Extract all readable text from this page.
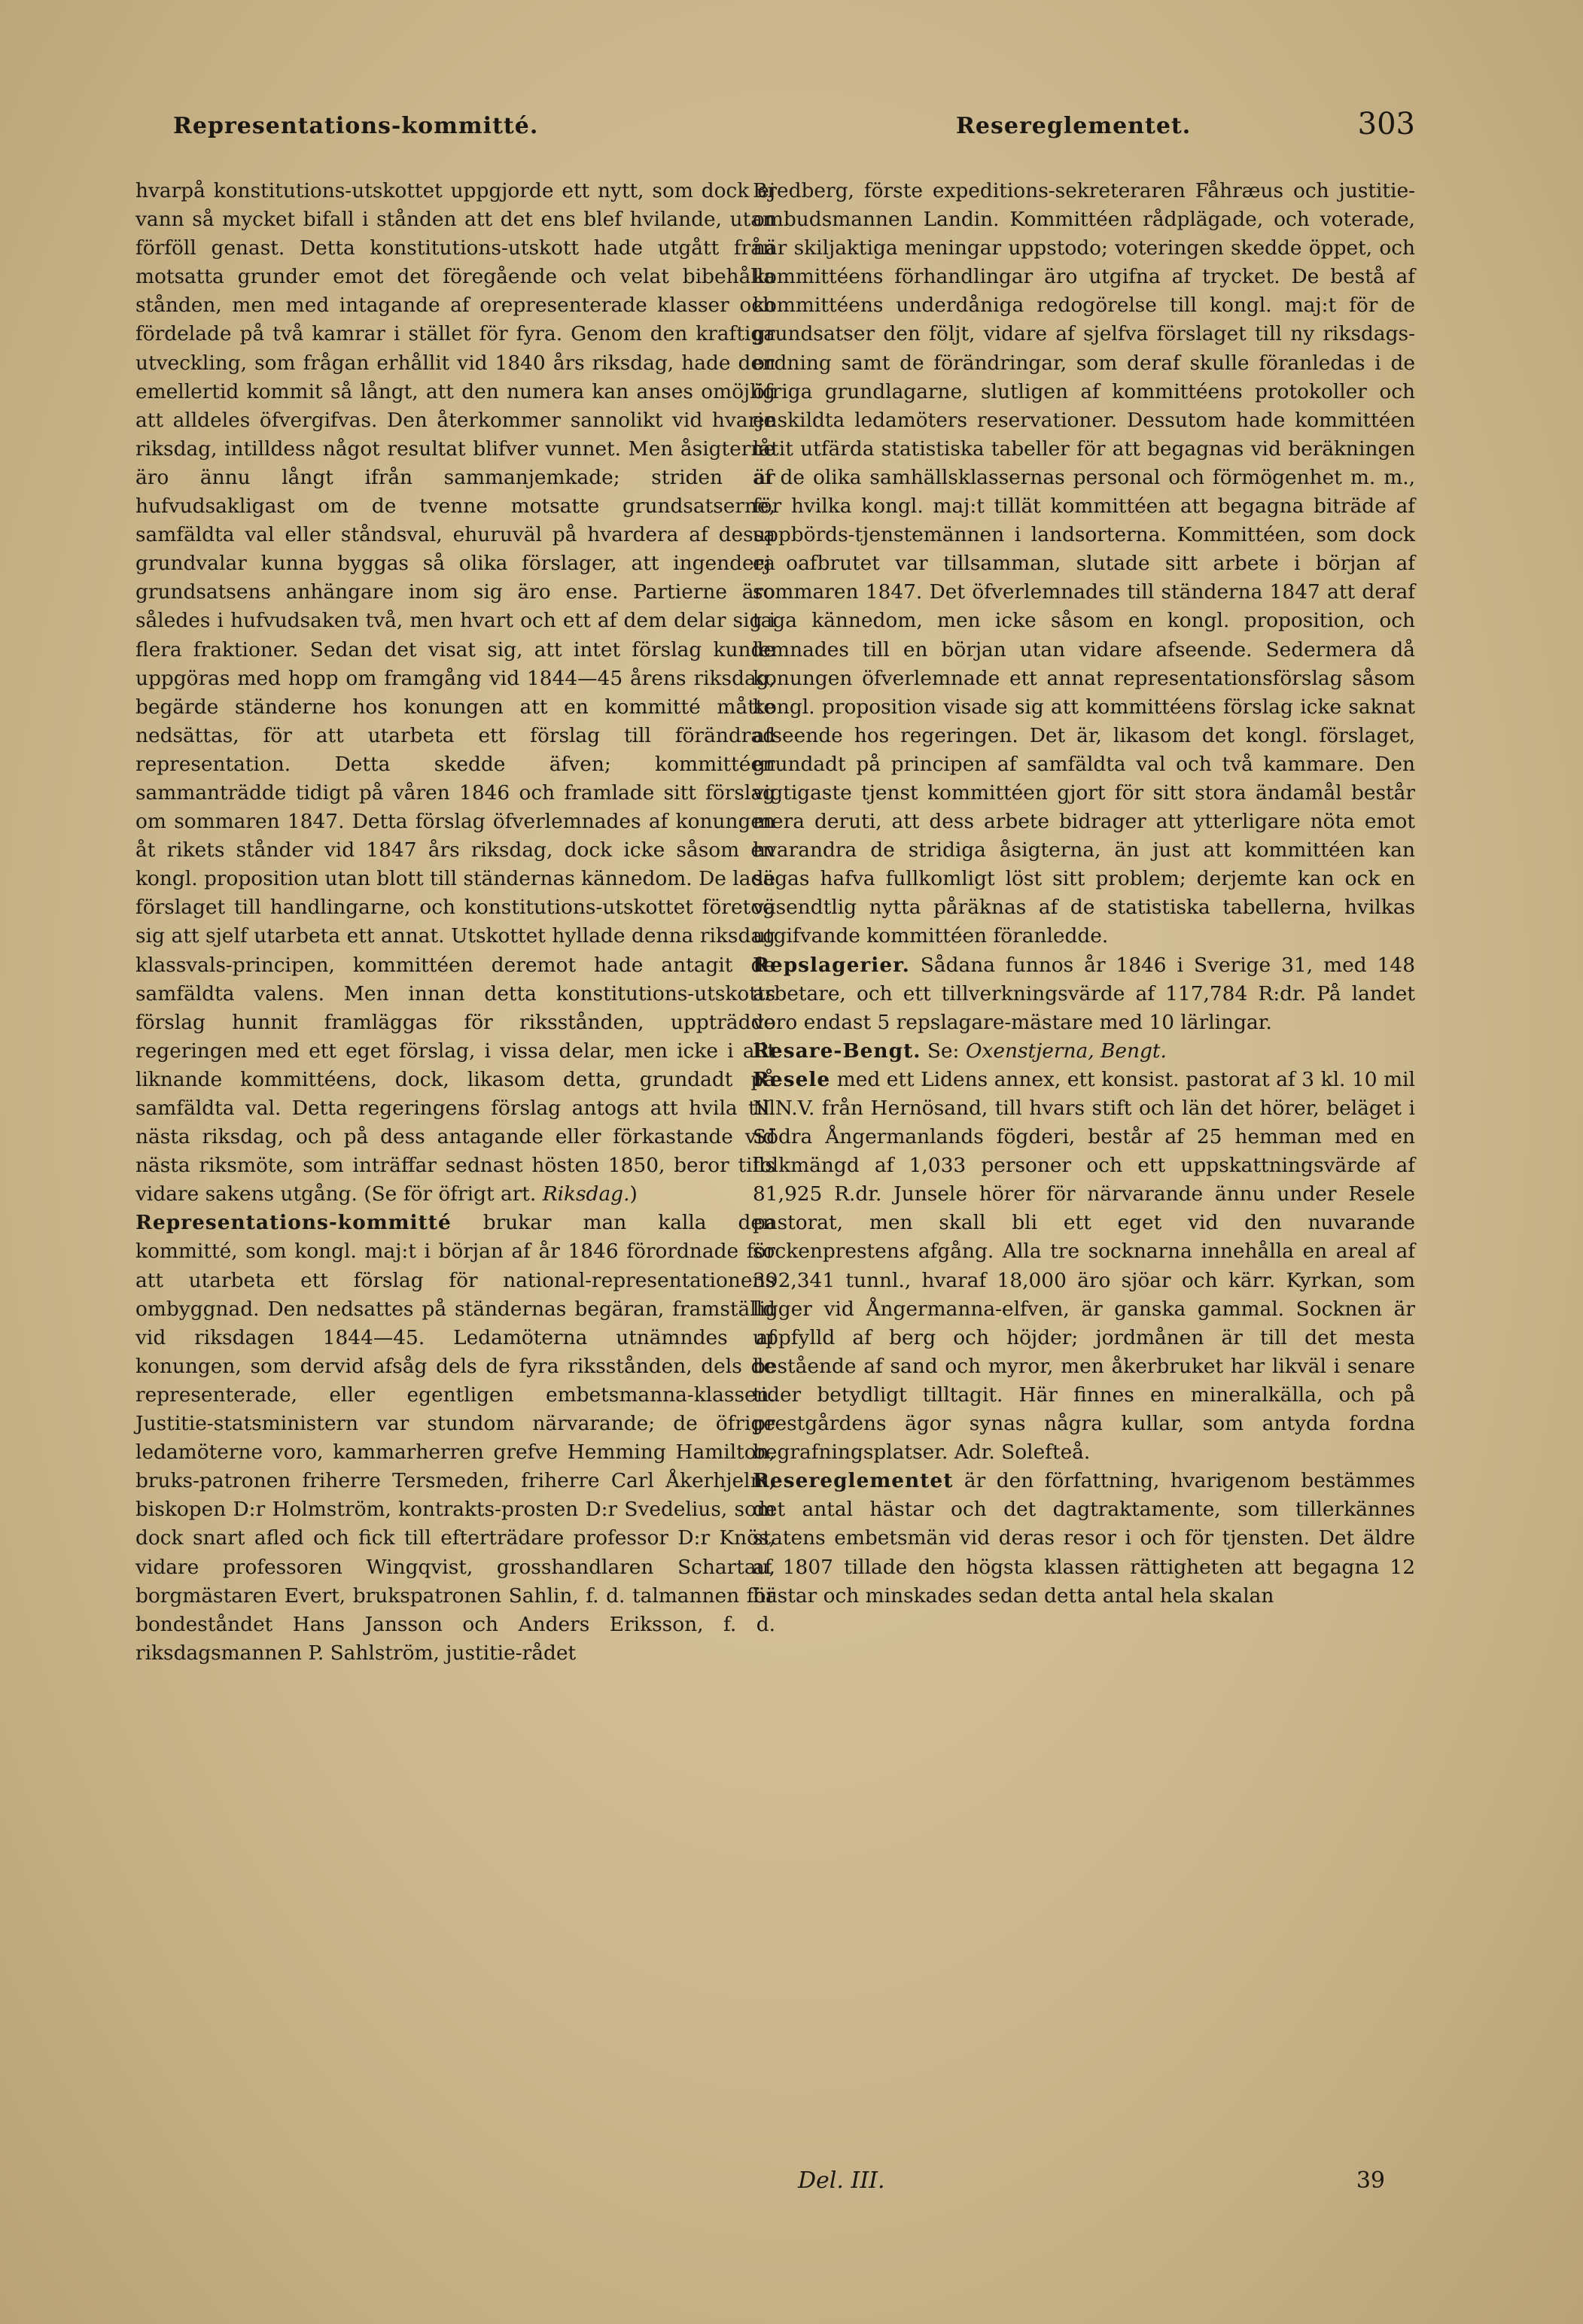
Representations-kommitté.	Resereglementet.	303

hvarpå konstitutions-utskottet uppgjorde ett nytt, som dock ej vann så mycket bifall i stånden att det ens blef hvilande, utan förföll genast. Detta konstitutions-utskott hade utgått från motsatta grunder emot det föregående och velat bibehålla stånden, men med intagande af orepresenterade klasser och fördelade på två kamrar i stället för fyra. Genom den kraftiga utveckling, som frågan erhållit vid 1840 års riksdag, hade den emellertid kommit så långt, att den numera kan anses omöjlig att alldeles öfvergifvas. Den återkommer sannolikt vid hvarje riksdag, intilldess något resultat blifver vunnet. Men åsigterne äro ännu långt ifrån sammanjemkade; striden är hufvudsakligast om de tvenne motsatte grundsatserne, samfäldta val eller ståndsval, ehuruväl på hvardera af dessa grundvalar kunna byggas så olika förslager, att ingendera grundsatsens anhängare inom sig äro ense. Partierne äro således i hufvudsaken två, men hvart och ett af dem delar sig i flera fraktioner. Sedan det visat sig, att intet förslag kunde uppgöras med hopp om framgång vid 1844—45 årens riksdag, begärde ständerne hos konungen att en kommitté måtte nedsättas, för att utarbeta ett förslag till förändrad representation. Detta skedde äfven; kommittéen sammanträdde tidigt på våren 1846 och framlade sitt förslag om sommaren 1847. Detta förslag öfverlemnades af konungen åt rikets stånder vid 1847 års riksdag, dock icke såsom en kongl. proposition utan blott till ständernas kännedom. De lade förslaget till handlingarne, och konstitutions-utskottet företog sig att sjelf utarbeta ett annat. Utskottet hyllade denna riksdag klassvals-principen, kommittéen deremot hade antagit de samfäldta valens. Men innan detta konstitutions-utskotts förslag hunnit framläggas för riksstånden, uppträdde regeringen med ett eget förslag, i vissa delar, men icke i allt liknande kommittéens, dock, likasom detta, grundadt på samfäldta val. Detta regeringens förslag antogs att hvila till nästa riksdag, och på dess antagande eller förkastande vid nästa riksmöte, som inträffar sednast hösten 1850, beror tills vidare sakens utgång. (Se för öfrigt art. Riksdag.)

Representations-kommitté brukar man kalla den kommitté, som kongl. maj:t i början af år 1846 förordnade för att utarbeta ett förslag för national-representationens ombyggnad. Den nedsattes på ständernas begäran, framställd vid riksdagen 1844—45. Ledamöterna utnämndes af konungen, som dervid afsåg dels de fyra riksstånden, dels de representerade, eller egentligen embetsmanna-klassen. Justitie-statsministern var stundom närvarande; de öfrige ledamöterne voro, kammarherren grefve Hemming Hamilton, bruks-patronen friherre Tersmeden, friherre Carl Åkerhjelm, biskopen D:r Holmström, kontrakts-prosten D:r Svedelius, som dock snart afled och fick till efterträdare professor D:r Knös, vidare professoren Wingqvist, grosshandlaren Schartau, borgmästaren Evert, brukspatronen Sahlin, f. d. talmannen för bondeståndet Hans Jansson och Anders Eriksson, f. d. riksdagsmannen P. Sahlström, justitie-rådet

Bredberg, förste expeditions-sekreteraren Fåhræus och justitie-ombudsmannen Landin. Kommittéen rådplägade, och voterade, när skiljaktiga meningar uppstodo; voteringen skedde öppet, och kommittéens förhandlingar äro utgifna af trycket. De bestå af kommittéens underdåniga redogörelse till kongl. maj:t för de grundsatser den följt, vidare af sjelfva förslaget till ny riksdags-ordning samt de förändringar, som deraf skulle föranledas i de öfriga grundlagarne, slutligen af kommittéens protokoller och enskildta ledamöters reservationer. Dessutom hade kommittéen låtit utfärda statistiska tabeller för att begagnas vid beräkningen af de olika samhällsklassernas personal och förmögenhet m. m., för hvilka kongl. maj:t tillät kommittéen att begagna biträde af uppbörds-tjenstemännen i landsorterna. Kommittéen, som dock ej oafbrutet var tillsamman, slutade sitt arbete i början af sommaren 1847. Det öfverlemnades till ständerna 1847 att deraf taga kännedom, men icke såsom en kongl. proposition, och lemnades till en början utan vidare afseende. Sedermera då konungen öfverlemnade ett annat representationsförslag såsom kongl. proposition visade sig att kommittéens förslag icke saknat afseende hos regeringen. Det är, likasom det kongl. förslaget, grundadt på principen af samfäldta val och två kammare. Den vigtigaste tjenst kommittéen gjort för sitt stora ändamål består mera deruti, att dess arbete bidrager att ytterligare nöta emot hvarandra de stridiga åsigterna, än just att kommittéen kan sägas hafva fullkomligt löst sitt problem; derjemte kan ock en väsendtlig nytta påräknas af de statistiska tabellerna, hvilkas utgifvande kommittéen föranledde.

Repslagerier. Sådana funnos år 1846 i Sverige 31, med 148 arbetare, och ett tillverkningsvärde af 117,784 R:dr. På landet voro endast 5 repslagare-mästare med 10 lärlingar.

Resare-Bengt. Se: Oxenstjerna, Bengt.

Resele med ett Lidens annex, ett konsist. pastorat af 3 kl. 10 mil N.N.V. från Hernösand, till hvars stift och län det hörer, beläget i Södra Ångermanlands fögderi, består af 25 hemman med en folkmängd af 1,033 personer och ett uppskattningsvärde af 81,925 R.dr. Junsele hörer för närvarande ännu under Resele pastorat, men skall bli ett eget vid den nuvarande sockenprestens afgång. Alla tre socknarna innehålla en areal af 392,341 tunnl., hvaraf 18,000 äro sjöar och kärr. Kyrkan, som ligger vid Ångermanna-elfven, är ganska gammal. Socknen är uppfylld af berg och höjder; jordmånen är till det mesta bestående af sand och myror, men åkerbruket har likväl i senare tider betydligt tilltagit. Här finnes en mineralkälla, och på prestgårdens ägor synas några kullar, som antyda fordna begrafningsplatser. Adr. Solefteå.

Resereglementet är den författning, hvarigenom bestämmes det antal hästar och det dagtraktamente, som tillerkännes statens embetsmän vid deras resor i och för tjensten. Det äldre af 1807 tillade den högsta klassen rättigheten att begagna 12 hästar och minskades sedan detta antal hela skalan

Del. III.	39
